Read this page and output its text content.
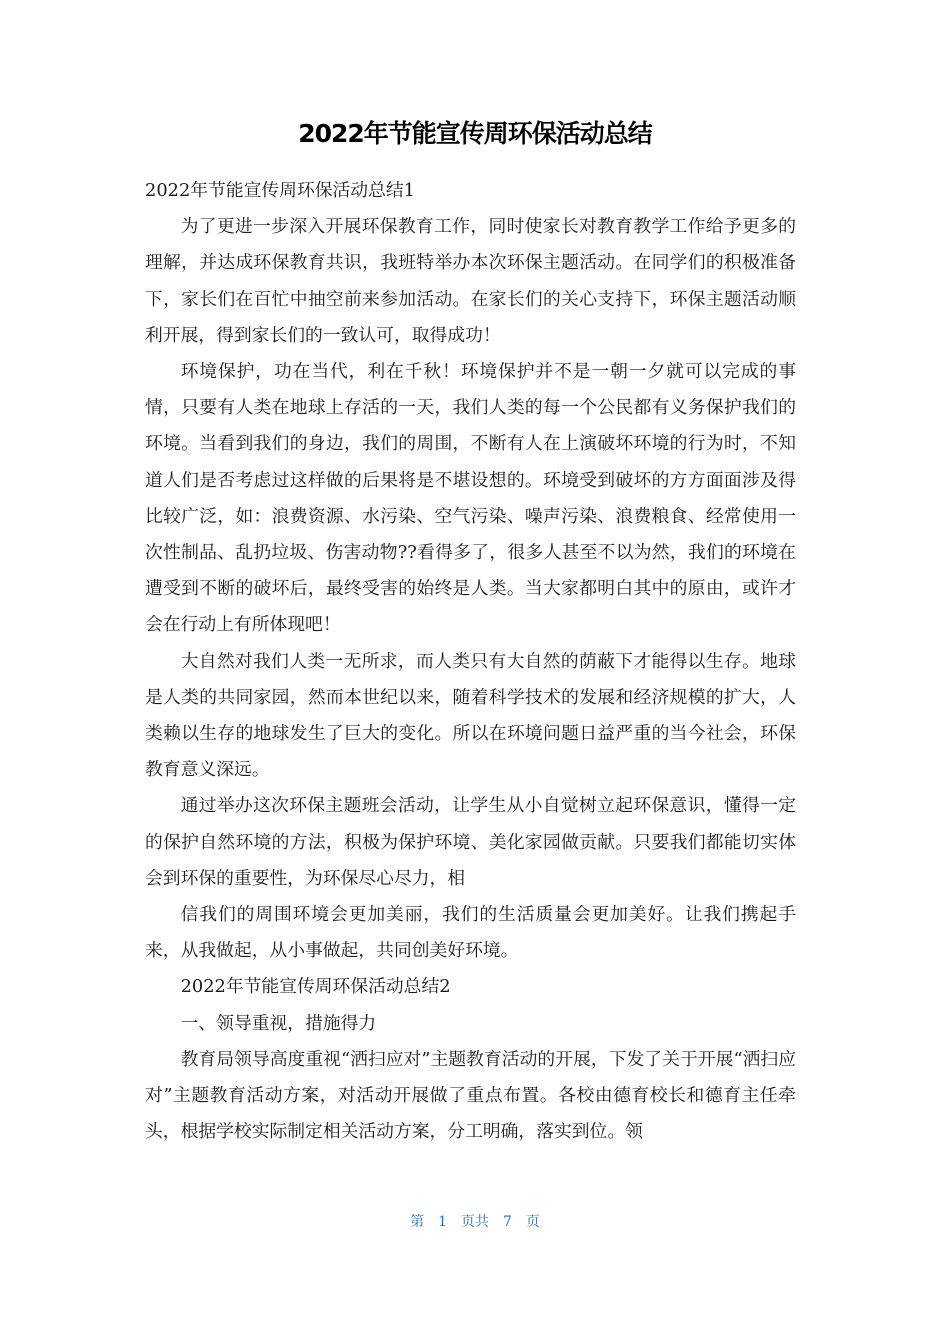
2022年节能宣传周环保活动总结

2022年节能宣传周环保活动总结1

为了更进一步深入开展环保教育工作，同时使家长对教育教学工作给予更多的理解，并达成环保教育共识，我班特举办本次环保主题活动。在同学们的积极准备下，家长们在百忙中抽空前来参加活动。在家长们的关心支持下，环保主题活动顺利开展，得到家长们的一致认可，取得成功！

环境保护，功在当代，利在千秋！环境保护并不是一朝一夕就可以完成的事情，只要有人类在地球上存活的一天，我们人类的每一个公民都有义务保护我们的环境。当看到我们的身边，我们的周围，不断有人在上演破坏环境的行为时，不知道人们是否考虑过这样做的后果将是不堪设想的。环境受到破坏的方方面面涉及得比较广泛，如：浪费资源、水污染、空气污染、噪声污染、浪费粮食、经常使用一次性制品、乱扔垃圾、伤害动物??看得多了，很多人甚至不以为然，我们的环境在遭受到不断的破坏后，最终受害的始终是人类。当大家都明白其中的原由，或许才会在行动上有所体现吧！

大自然对我们人类一无所求，而人类只有大自然的荫蔽下才能得以生存。地球是人类的共同家园，然而本世纪以来，随着科学技术的发展和经济规模的扩大，人类赖以生存的地球发生了巨大的变化。所以在环境问题日益严重的当今社会，环保教育意义深远。

通过举办这次环保主题班会活动，让学生从小自觉树立起环保意识，懂得一定的保护自然环境的方法，积极为保护环境、美化家园做贡献。只要我们都能切实体会到环保的重要性，为环保尽心尽力，相

信我们的周围环境会更加美丽，我们的生活质量会更加美好。让我们携起手来，从我做起，从小事做起，共同创美好环境。

2022年节能宣传周环保活动总结2

一、领导重视，措施得力

教育局领导高度重视“洒扫应对”主题教育活动的开展，下发了关于开展“洒扫应对”主题教育活动方案，对活动开展做了重点布置。各校由德育校长和德育主任牵头，根据学校实际制定相关活动方案，分工明确，落实到位。领

第 1 页共 7 页
